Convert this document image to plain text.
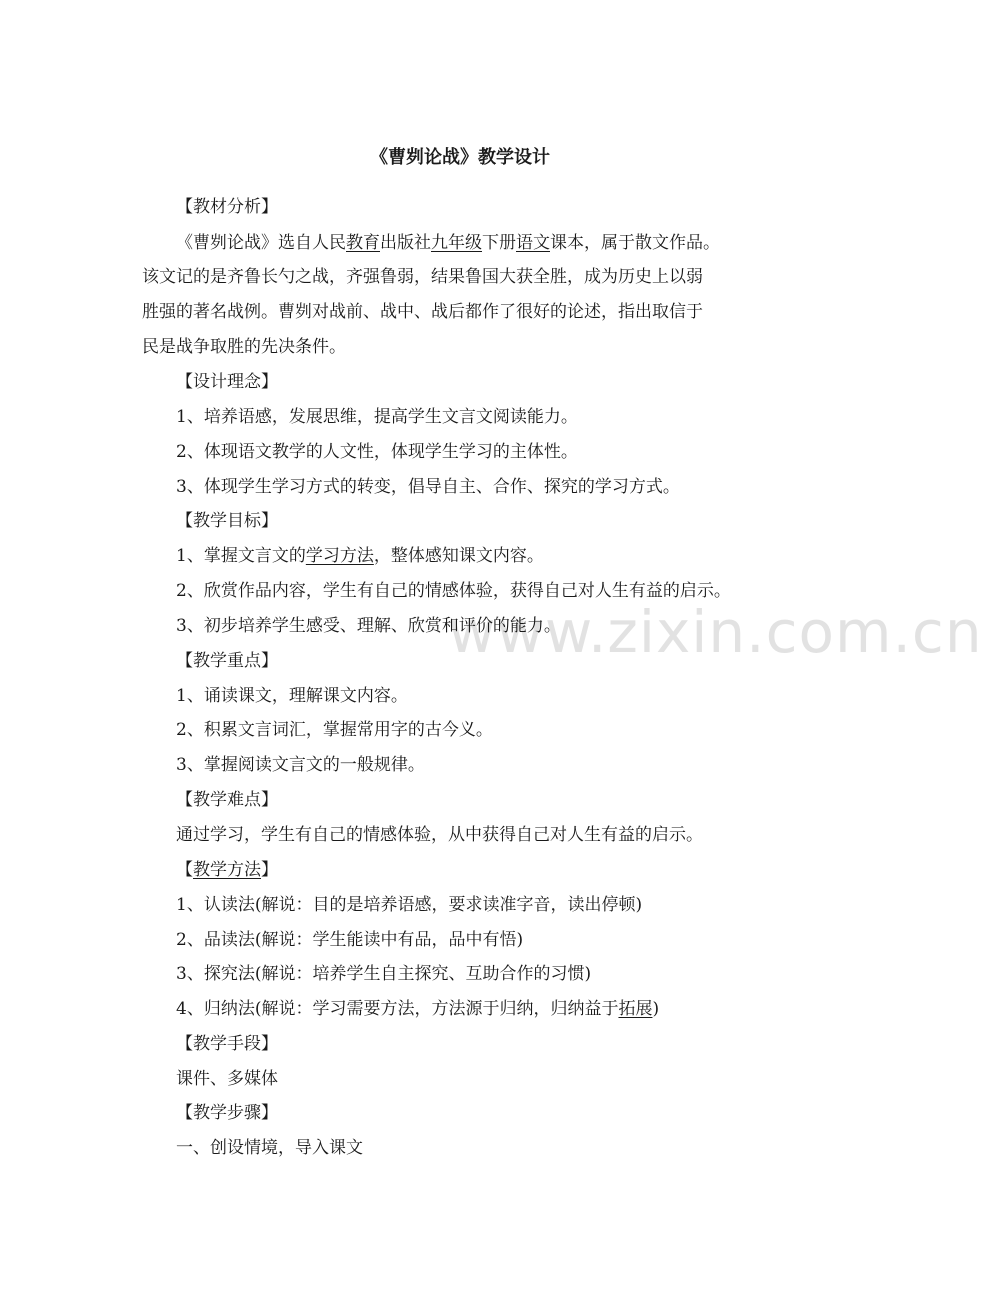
www.zixin.com.cn
《曹刿论战》教学设计
【教材分析】
《曹刿论战》选自人民教育出版社九年级下册语文课本，属于散文作品。
该文记的是齐鲁长勺之战，齐强鲁弱，结果鲁国大获全胜，成为历史上以弱
胜强的著名战例。曹刿对战前、战中、战后都作了很好的论述，指出取信于
民是战争取胜的先决条件。
【设计理念】
1、培养语感，发展思维，提高学生文言文阅读能力。
2、体现语文教学的人文性，体现学生学习的主体性。
3、体现学生学习方式的转变，倡导自主、合作、探究的学习方式。
【教学目标】
1、掌握文言文的学习方法，整体感知课文内容。
2、欣赏作品内容，学生有自己的情感体验，获得自己对人生有益的启示。
3、初步培养学生感受、理解、欣赏和评价的能力。
【教学重点】
1、诵读课文，理解课文内容。
2、积累文言词汇，掌握常用字的古今义。
3、掌握阅读文言文的一般规律。
【教学难点】
通过学习，学生有自己的情感体验，从中获得自己对人生有益的启示。
【教学方法】
1、认读法(解说：目的是培养语感，要求读准字音，读出停顿)
2、品读法(解说：学生能读中有品，品中有悟)
3、探究法(解说：培养学生自主探究、互助合作的习惯)
4、归纳法(解说：学习需要方法，方法源于归纳，归纳益于拓展)
【教学手段】
课件、多媒体
【教学步骤】
一、创设情境，导入课文
